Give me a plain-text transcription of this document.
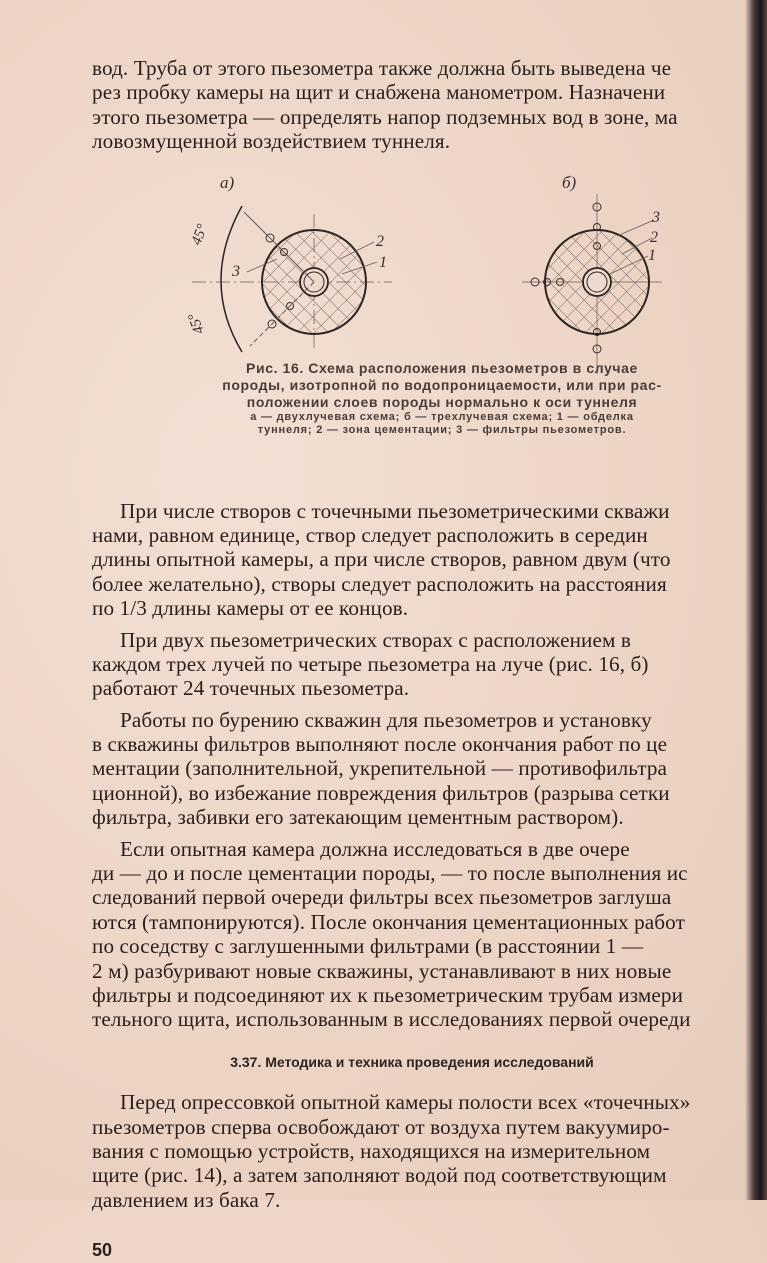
вод. Труба от этого пьезометра также должна быть выведена че
рез пробку камеры на щит и снабжена манометром. Назначени
этого пьезометра — определять напор подземных вод в зоне, ма
ловозмущенной воздействием туннеля.
45°
45°
а)
2
1
3
3
2
1
б)
Рис. 16. Схема расположения пьезометров в случае
породы, изотропной по водопроницаемости, или при рас-
положении слоев породы нормально к оси туннеля
а — двухлучевая схема; б — трехлучевая схема; 1 — обделка
туннеля; 2 — зона цементации; 3 — фильтры пьезометров.
При числе створов с точечными пьезометрическими скважи
нами, равном единице, створ следует расположить в середин
длины опытной камеры, а при числе створов, равном двум (что
более желательно), створы следует расположить на расстояния
по 1/3 длины камеры от ее концов.
При двух пьезометрических створах с расположением в
каждом трех лучей по четыре пьезометра на луче (рис. 16, б)
работают 24 точечных пьезометра.
Работы по бурению скважин для пьезометров и установку
в скважины фильтров выполняют после окончания работ по це
ментации (заполнительной, укрепительной — противофильтра
ционной), во избежание повреждения фильтров (разрыва сетки
фильтра, забивки его затекающим цементным раствором).
Если опытная камера должна исследоваться в две очере
ди — до и после цементации породы, — то после выполнения ис
следований первой очереди фильтры всех пьезометров заглуша
ются (тампонируются). После окончания цементационных работ
по соседству с заглушенными фильтрами (в расстоянии 1 —
2 м) разбуривают новые скважины, устанавливают в них новые
фильтры и подсоединяют их к пьезометрическим трубам измери
тельного щита, использованным в исследованиях первой очереди
3.37. Методика и техника проведения исследований
Перед опрессовкой опытной камеры полости всех «точечных»
пьезометров сперва освобождают от воздуха путем вакуумиро-
вания с помощью устройств, находящихся на измерительном
щите (рис. 14), а затем заполняют водой под соответствующим
давлением из бака 7.
50
